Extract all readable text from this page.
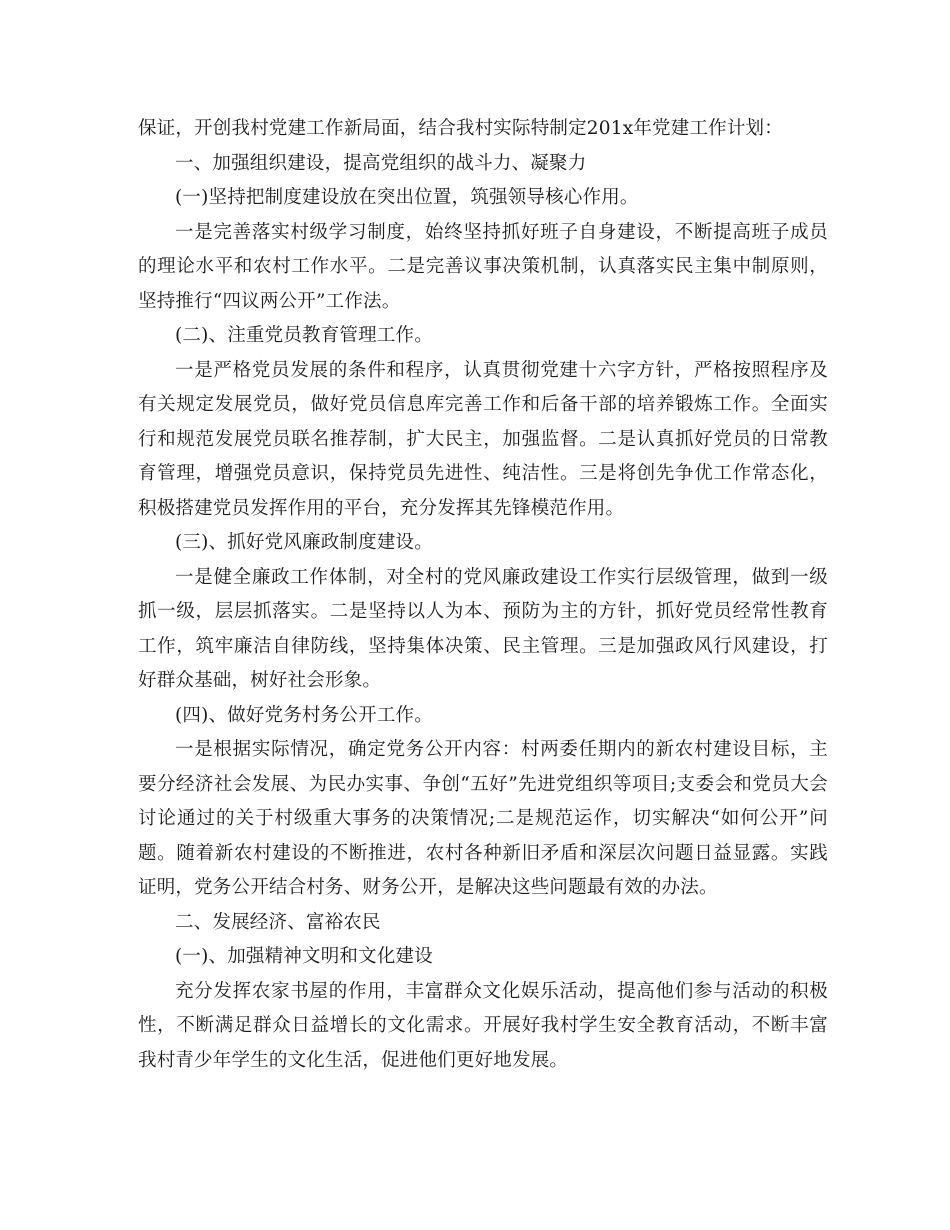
保证，开创我村党建工作新局面，结合我村实际特制定201x年党建工作计划：

一、加强组织建设，提高党组织的战斗力、凝聚力

(一)坚持把制度建设放在突出位置，筑强领导核心作用。

一是完善落实村级学习制度，始终坚持抓好班子自身建设，不断提高班子成员的理论水平和农村工作水平。二是完善议事决策机制，认真落实民主集中制原则，坚持推行“四议两公开”工作法。

(二)、注重党员教育管理工作。

一是严格党员发展的条件和程序，认真贯彻党建十六字方针，严格按照程序及有关规定发展党员，做好党员信息库完善工作和后备干部的培养锻炼工作。全面实行和规范发展党员联名推荐制，扩大民主，加强监督。二是认真抓好党员的日常教育管理，增强党员意识，保持党员先进性、纯洁性。三是将创先争优工作常态化，积极搭建党员发挥作用的平台，充分发挥其先锋模范作用。

(三)、抓好党风廉政制度建设。

一是健全廉政工作体制，对全村的党风廉政建设工作实行层级管理，做到一级抓一级，层层抓落实。二是坚持以人为本、预防为主的方针，抓好党员经常性教育工作，筑牢廉洁自律防线，坚持集体决策、民主管理。三是加强政风行风建设，打好群众基础，树好社会形象。

(四)、做好党务村务公开工作。

一是根据实际情况，确定党务公开内容：村两委任期内的新农村建设目标，主要分经济社会发展、为民办实事、争创“五好”先进党组织等项目;支委会和党员大会讨论通过的关于村级重大事务的决策情况;二是规范运作，切实解决“如何公开”问题。随着新农村建设的不断推进，农村各种新旧矛盾和深层次问题日益显露。实践证明，党务公开结合村务、财务公开，是解决这些问题最有效的办法。

二、发展经济、富裕农民

(一)、加强精神文明和文化建设

充分发挥农家书屋的作用，丰富群众文化娱乐活动，提高他们参与活动的积极性，不断满足群众日益增长的文化需求。开展好我村学生安全教育活动，不断丰富我村青少年学生的文化生活，促进他们更好地发展。
